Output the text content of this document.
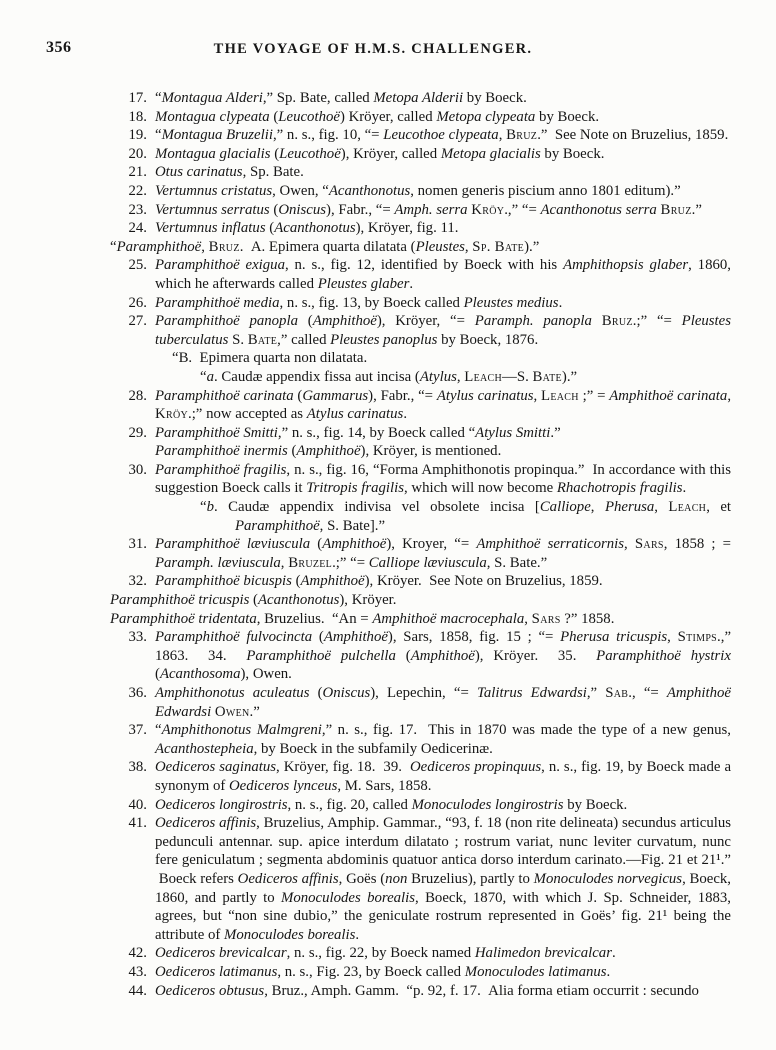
356	THE VOYAGE OF H.M.S. CHALLENGER.

17. “Montagua Alderi,” Sp. Bate, called Metopa Alderii by Boeck.

18. Montagua clypeata (Leucothoë) Kröyer, called Metopa clypeata by Boeck.

19. “Montagua Bruzelii,” n. s., fig. 10, “= Leucothoe clypeata, Bruz.”  See Note on Bruzelius, 1859.

20. Montagua glacialis (Leucothoë), Kröyer, called Metopa glacialis by Boeck.

21. Otus carinatus, Sp. Bate.

22. Vertumnus cristatus, Owen, “Acanthonotus, nomen generis piscium anno 1801 editum).”

23. Vertumnus serratus (Oniscus), Fabr., “= Amph. serra Kröy.,” “= Acanthonotus serra Bruz.”

24. Vertumnus inflatus (Acanthonotus), Kröyer, fig. 11.

“Paramphithoë, Bruz.  A. Epimera quarta dilatata (Pleustes, Sp. Bate).”

25. Paramphithoë exigua, n. s., fig. 12, identified by Boeck with his Amphithopsis glaber, 1860, which he afterwards called Pleustes glaber.

26. Paramphithoë media, n. s., fig. 13, by Boeck called Pleustes medius.

27. Paramphithoë panopla (Amphithoë), Kröyer, “= Paramph. panopla Bruz.;” “= Pleustes tuberculatus S. Bate,” called Pleustes panoplus by Boeck, 1876.

“B.  Epimera quarta non dilatata.

“a. Caudæ appendix fissa aut incisa (Atylus, Leach—S. Bate).”

28. Paramphithoë carinata (Gammarus), Fabr., “= Atylus carinatus, Leach ;” = Amphithoë carinata, Kröy.;” now accepted as Atylus carinatus.

29. Paramphithoë Smitti,” n. s., fig. 14, by Boeck called “Atylus Smitti.”

Paramphithoë inermis (Amphithoë), Kröyer, is mentioned.

30. Paramphithoë fragilis, n. s., fig. 16, “Forma Amphithonotis propinqua.”  In accordance with this suggestion Boeck calls it Tritropis fragilis, which will now become Rhachotropis fragilis.

“b. Caudæ appendix indivisa vel obsolete incisa [Calliope, Pherusa, Leach, et Paramphithoë, S. Bate].”

31. Paramphithoë læviuscula (Amphithoë), Kroyer, “= Amphithoë serraticornis, Sars, 1858 ; = Paramph. læviuscula, Bruzel.;” “= Calliope læviuscula, S. Bate.”

32. Paramphithoë bicuspis (Amphithoë), Kröyer.  See Note on Bruzelius, 1859.

Paramphithoë tricuspis (Acanthonotus), Kröyer.

Paramphithoë tridentata, Bruzelius.  “An = Amphithoë macrocephala, Sars ?” 1858.

33. Paramphithoë fulvocincta (Amphithoë), Sars, 1858, fig. 15 ; “= Pherusa tricuspis, Stimps.,” 1863.  34.  Paramphithoë pulchella (Amphithoë), Kröyer.  35.  Paramphithoë hystrix (Acanthosoma), Owen.

36. Amphithonotus aculeatus (Oniscus), Lepechin, “= Talitrus Edwardsi,” Sab., “= Amphithoë Edwardsi Owen.”

37. “Amphithonotus Malmgreni,” n. s., fig. 17.  This in 1870 was made the type of a new genus, Acanthostepheia, by Boeck in the subfamily Oedicerinæ.

38. Oediceros saginatus, Kröyer, fig. 18.  39.  Oediceros propinquus, n. s., fig. 19, by Boeck made a synonym of Oediceros lynceus, M. Sars, 1858.

40. Oediceros longirostris, n. s., fig. 20, called Monoculodes longirostris by Boeck.

41. Oediceros affinis, Bruzelius, Amphip. Gammar., “93, f. 18 (non rite delineata) secundus articulus pedunculi antennar. sup. apice interdum dilatato ; rostrum variat, nunc leviter curvatum, nunc fere geniculatum ; segmenta abdominis quatuor antica dorso interdum carinato.—Fig. 21 et 21¹.”  Boeck refers Oediceros affinis, Goës (non Bruzelius), partly to Monoculodes norvegicus, Boeck, 1860, and partly to Monoculodes borealis, Boeck, 1870, with which J. Sp. Schneider, 1883, agrees, but “non sine dubio,” the geniculate rostrum represented in Goës’ fig. 21¹ being the attribute of Monoculodes borealis.

42. Oediceros brevicalcar, n. s., fig. 22, by Boeck named Halimedon brevicalcar.

43. Oediceros latimanus, n. s., Fig. 23, by Boeck called Monoculodes latimanus.

44. Oediceros obtusus, Bruz., Amph. Gamm.  “p. 92, f. 17.  Alia forma etiam occurrit : secundo
